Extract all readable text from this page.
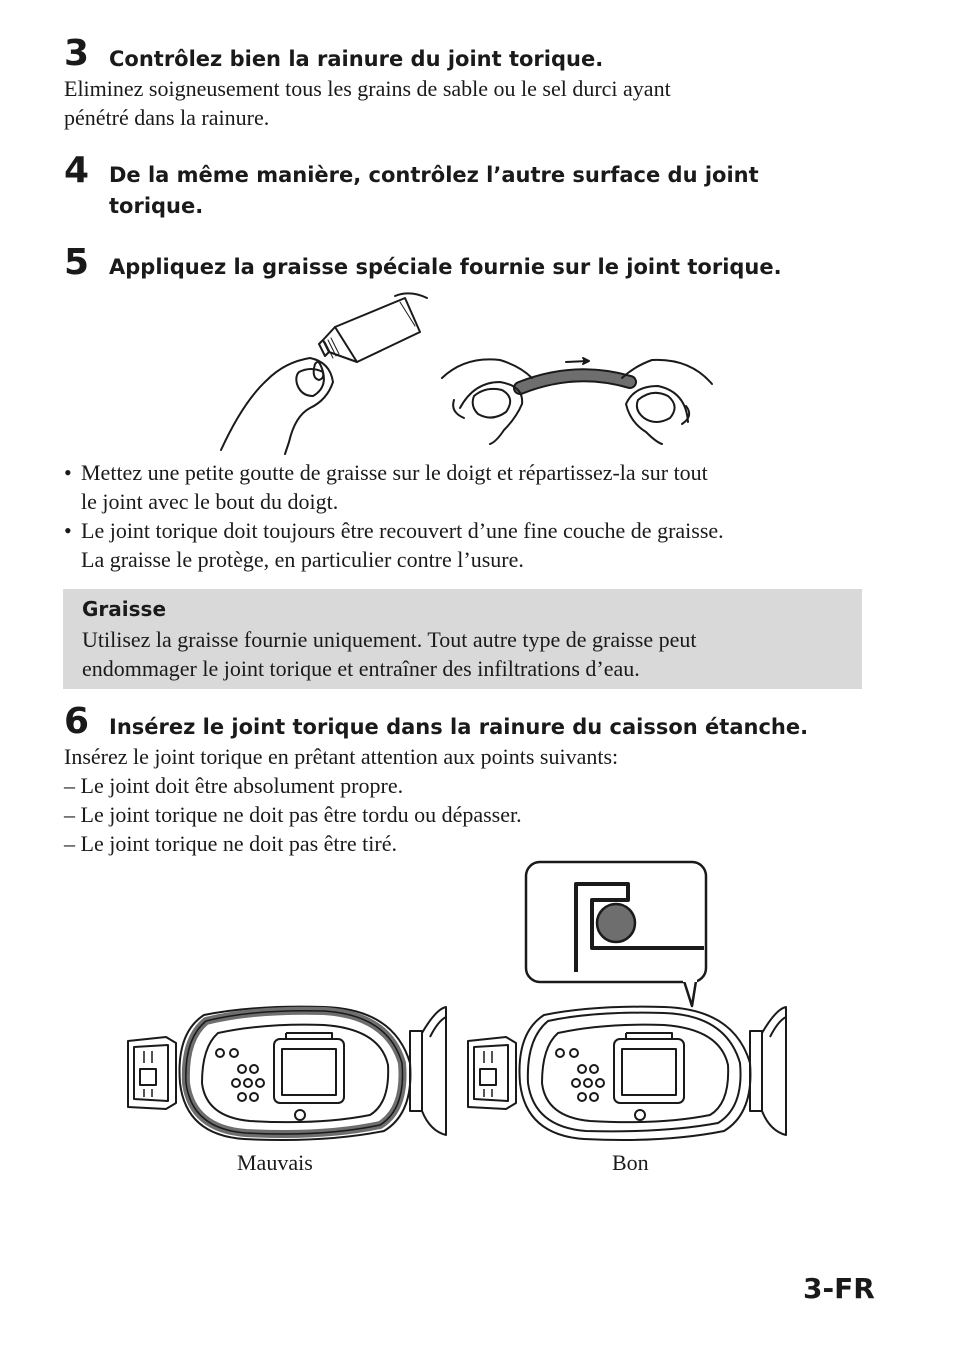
3 Contrôlez bien la rainure du joint torique.

Eliminez soigneusement tous les grains de sable ou le sel durci ayant

pénétré dans la rainure.

4 De la même manière, contrôlez l’autre surface du joint
torique.
5 Appliquez la graisse spéciale fournie sur le joint torique.
• Mettez une petite goutte de graisse sur le doigt et répartissez-la sur tout
le joint avec le bout du doigt.
• Le joint torique doit toujours être recouvert d’une fine couche de graisse.
La graisse le protège, en particulier contre l’usure.
Graisse
Utilisez la graisse fournie uniquement. Tout autre type de graisse peut
endommager le joint torique et entraîner des infiltrations d’eau.
6 Insérez le joint torique dans la rainure du caisson étanche.
Insérez le joint torique en prêtant attention aux points suivants:
– Le joint doit être absolument propre.
– Le joint torique ne doit pas être tordu ou dépasser.
– Le joint torique ne doit pas être tiré.
Mauvais	Bon
3-FR
